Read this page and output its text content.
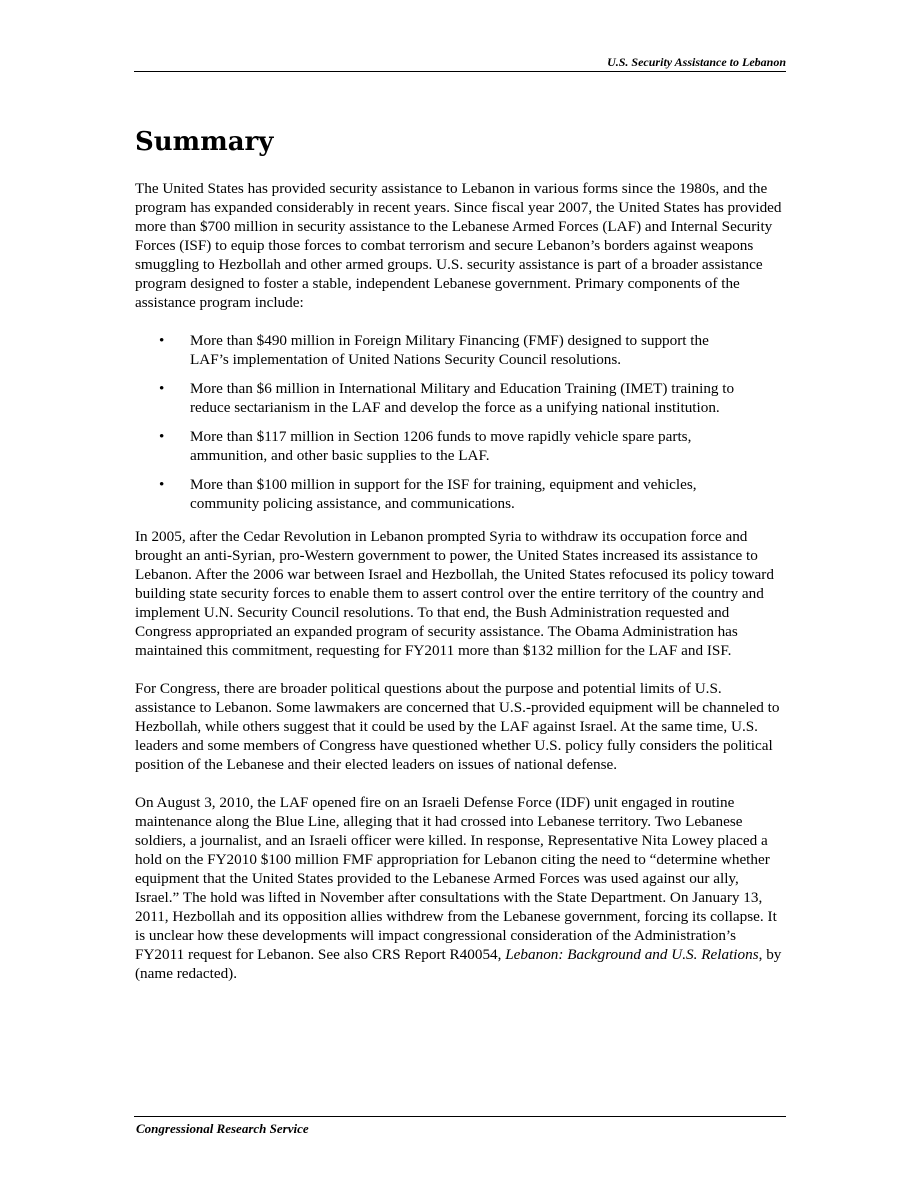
U.S. Security Assistance to Lebanon
Summary

The United States has provided security assistance to Lebanon in various forms since the 1980s, and the program has expanded considerably in recent years. Since fiscal year 2007, the United States has provided more than $700 million in security assistance to the Lebanese Armed Forces (LAF) and Internal Security Forces (ISF) to equip those forces to combat terrorism and secure Lebanon’s borders against weapons smuggling to Hezbollah and other armed groups. U.S. security assistance is part of a broader assistance program designed to foster a stable, independent Lebanese government. Primary components of the assistance program include:

• More than $490 million in Foreign Military Financing (FMF) designed to support the LAF’s implementation of United Nations Security Council resolutions.
• More than $6 million in International Military and Education Training (IMET) training to reduce sectarianism in the LAF and develop the force as a unifying national institution.
• More than $117 million in Section 1206 funds to move rapidly vehicle spare parts, ammunition, and other basic supplies to the LAF.
• More than $100 million in support for the ISF for training, equipment and vehicles, community policing assistance, and communications.

In 2005, after the Cedar Revolution in Lebanon prompted Syria to withdraw its occupation force and brought an anti-Syrian, pro-Western government to power, the United States increased its assistance to Lebanon. After the 2006 war between Israel and Hezbollah, the United States refocused its policy toward building state security forces to enable them to assert control over the entire territory of the country and implement U.N. Security Council resolutions. To that end, the Bush Administration requested and Congress appropriated an expanded program of security assistance. The Obama Administration has maintained this commitment, requesting for FY2011 more than $132 million for the LAF and ISF.

For Congress, there are broader political questions about the purpose and potential limits of U.S. assistance to Lebanon. Some lawmakers are concerned that U.S.-provided equipment will be channeled to Hezbollah, while others suggest that it could be used by the LAF against Israel. At the same time, U.S. leaders and some members of Congress have questioned whether U.S. policy fully considers the political position of the Lebanese and their elected leaders on issues of national defense.

On August 3, 2010, the LAF opened fire on an Israeli Defense Force (IDF) unit engaged in routine maintenance along the Blue Line, alleging that it had crossed into Lebanese territory. Two Lebanese soldiers, a journalist, and an Israeli officer were killed. In response, Representative Nita Lowey placed a hold on the FY2010 $100 million FMF appropriation for Lebanon citing the need to “determine whether equipment that the United States provided to the Lebanese Armed Forces was used against our ally, Israel.” The hold was lifted in November after consultations with the State Department. On January 13, 2011, Hezbollah and its opposition allies withdrew from the Lebanese government, forcing its collapse. It is unclear how these developments will impact congressional consideration of the Administration’s FY2011 request for Lebanon. See also CRS Report R40054, Lebanon: Background and U.S. Relations, by (name redacted).

Congressional Research Service
